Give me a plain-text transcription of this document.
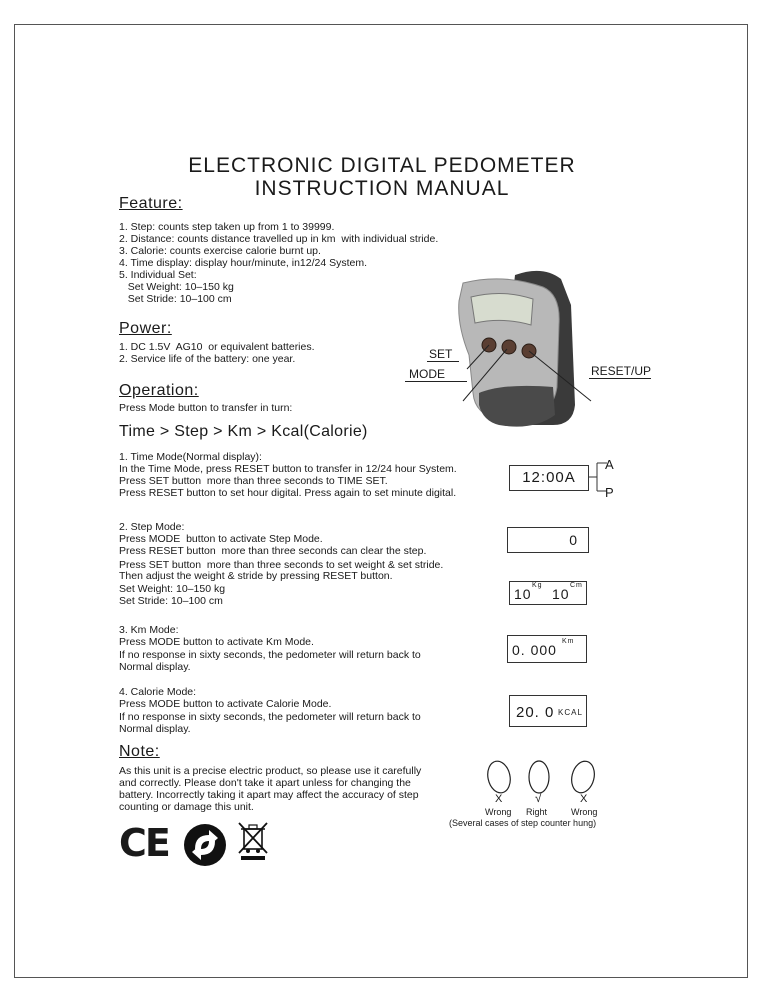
ELECTRONIC DIGITAL PEDOMETER
INSTRUCTION MANUAL
Feature:
1. Step: counts step taken up from 1 to 39999.
2. Distance: counts distance travelled up in km  with individual stride.
3. Calorie: counts exercise calorie burnt up.
4. Time display: display hour/minute, in12/24 System.
5. Individual Set:
Set Weight: 10–150 kg
Set Stride: 10–100 cm
SET
MODE	RESET/UP
Power:
1. DC 1.5V  AG10  or equivalent batteries.
2. Service life of the battery: one year.
Operation:
Press Mode button to transfer in turn:
Time > Step > Km > Kcal(Calorie)
1. Time Mode(Normal display):
In the Time Mode, press RESET button to transfer in 12/24 hour System.
Press SET button  more than three seconds to TIME SET.
Press RESET button to set hour digital. Press again to set minute digital.
12:00A
A
P
2. Step Mode:
Press MODE  button to activate Step Mode.
Press RESET button  more than three seconds can clear the step.
Press SET button  more than three seconds to set weight & set stride.
Then adjust the weight & stride by pressing RESET button.
Set Weight: 10–150 kg
Set Stride: 10–100 cm
0
10
Kg
10
Cm
3. Km Mode:
Press MODE button to activate Km Mode.
If no response in sixty seconds, the pedometer will return back to
Normal display.
0. 000
Km
4. Calorie Mode:
Press MODE button to activate Calorie Mode.
If no response in sixty seconds, the pedometer will return back to
Normal display.
20. 0 KCAL
Note:
As this unit is a precise electric product, so please use it carefully
and correctly. Please don't take it apart unless for changing the
battery. Incorrectly taking it apart may affect the accuracy of step
counting or damage this unit.
X	√	X
Wrong Right	Wrong
(Several cases of step counter hung)
CE
